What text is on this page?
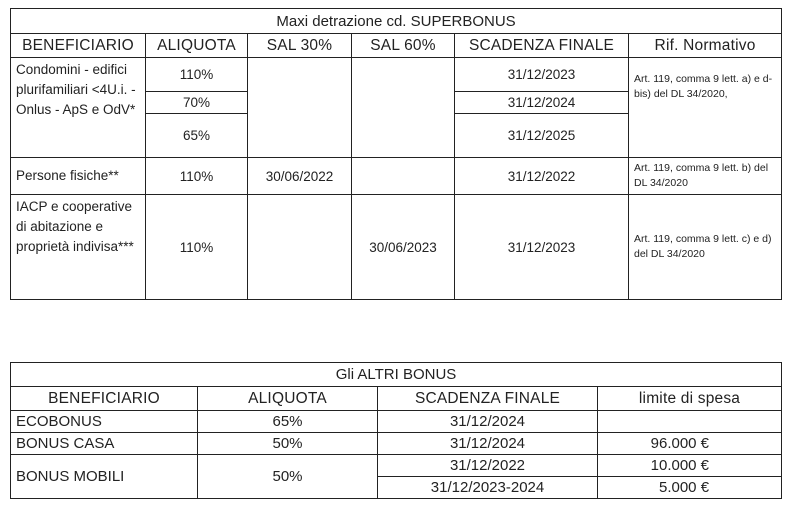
Maxi detrazione cd. SUPERBONUS					
BENEFICIARIO	ALIQUOTA	SAL 30%	SAL 60%	SCADENZA FINALE	Rif. Normativo
Condomini - edifici plurifamiliari <4U.i. - Onlus - ApS e OdV*	110%			31/12/2023	Art. 119, comma 9 lett. a) e d-bis) del DL 34/2020,
	70%			31/12/2024	
	65%			31/12/2025	
Persone fisiche**	110%	30/06/2022		31/12/2022	Art. 119, comma 9 lett. b) del DL 34/2020
IACP e cooperative di abitazione e proprietà indivisa***	110%		30/06/2023	31/12/2023	Art. 119, comma 9 lett. c) e d) del DL 34/2020
Gli ALTRI BONUS			
BENEFICIARIO	ALIQUOTA	SCADENZA FINALE	limite di spesa
ECOBONUS	65%	31/12/2024	
BONUS CASA	50%	31/12/2024	96.000 €
BONUS MOBILI	50%	31/12/2022	10.000 €
		31/12/2023-2024	5.000 €
